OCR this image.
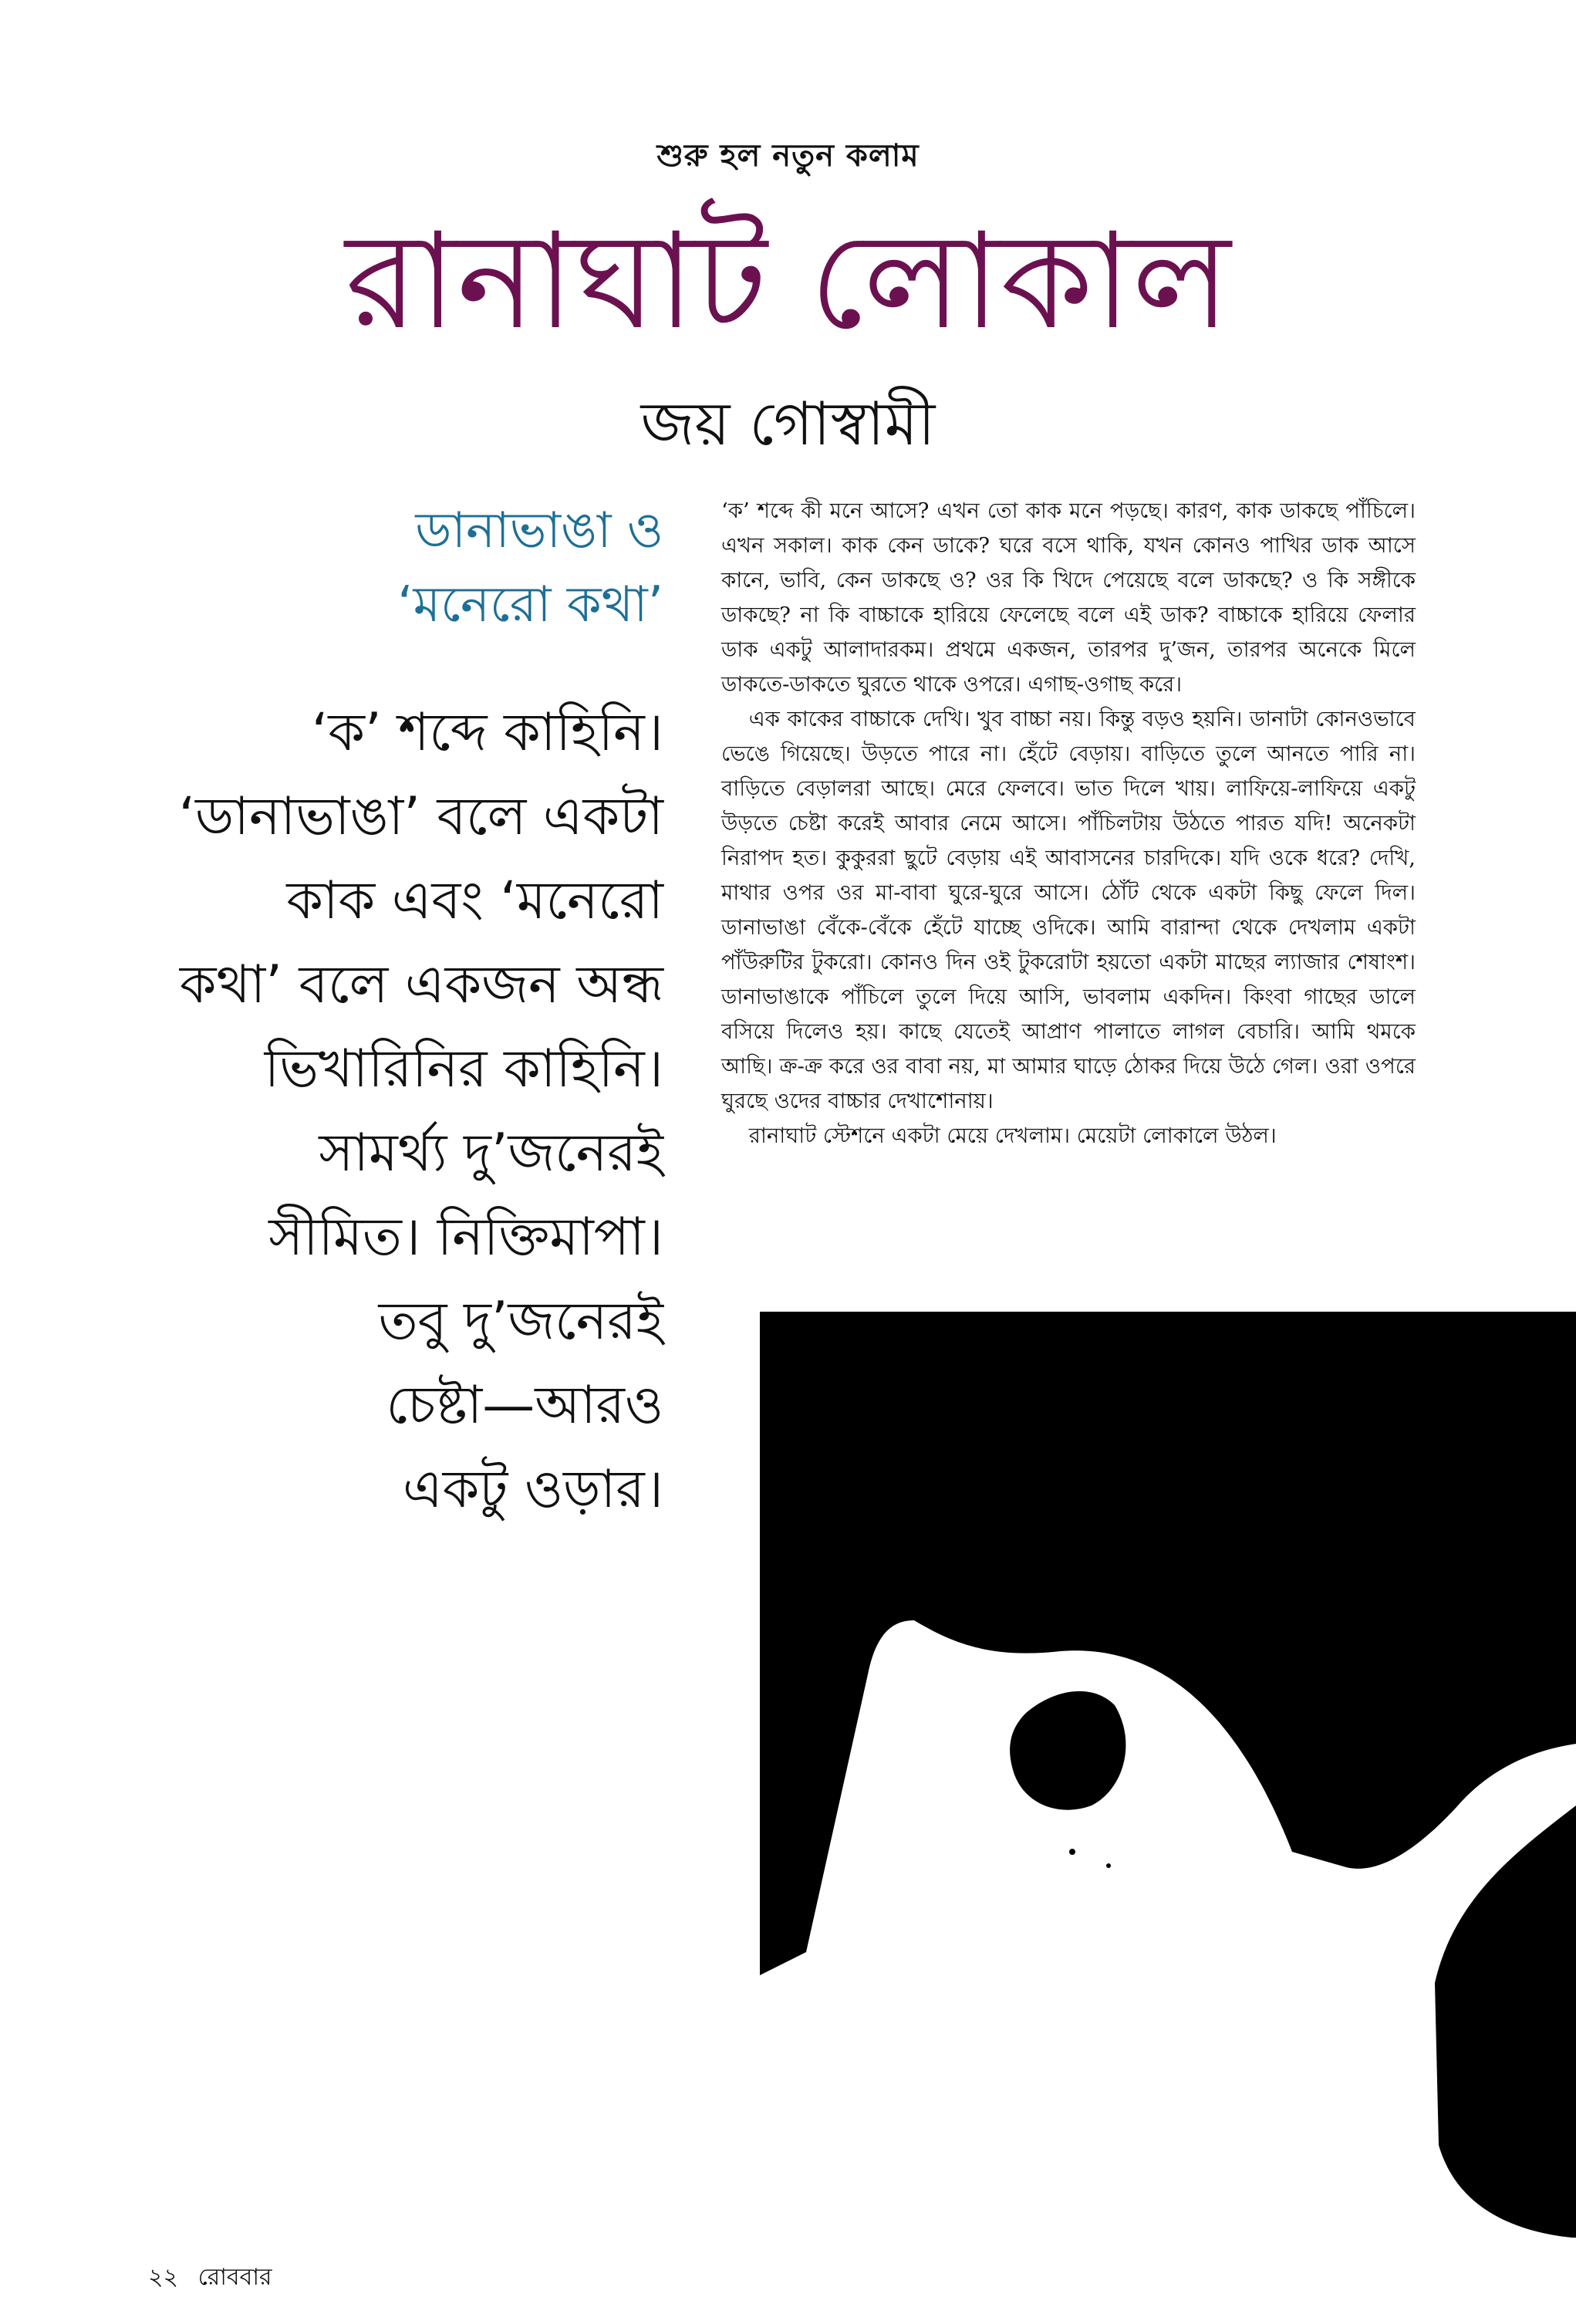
শুরু হল নতুন কলাম
রানাঘাট লোকাল
জয় গোস্বামী
ডানাভাঙা ও
‘মনেরো কথা’
‘ক’ শব্দে কাহিনি।
‘ডানাভাঙা’ বলে একটা
কাক এবং ‘মনেরো
কথা’ বলে একজন অন্ধ
ভিখারিনির কাহিনি।
সামর্থ্য দু’জনেরই
সীমিত। নিক্তিমাপা।
তবু দু’জনেরই
চেষ্টা—আরও
একটু ওড়ার।

‘ক’ শব্দে কী মনে আসে? এখন তো কাক মনে পড়ছে। কারণ, কাক ডাকছে পাঁচিলে। এখন সকাল। কাক কেন ডাকে? ঘরে বসে থাকি, যখন কোনও পাখির ডাক আসে কানে, ভাবি, কেন ডাকছে ও? ওর কি খিদে পেয়েছে বলে ডাকছে? ও কি সঙ্গীকে ডাকছে? না কি বাচ্চাকে হারিয়ে ফেলেছে বলে এই ডাক? বাচ্চাকে হারিয়ে ফেলার ডাক একটু আলাদারকম। প্রথমে একজন, তারপর দু’জন, তারপর অনেকে মিলে ডাকতে-ডাকতে ঘুরতে থাকে ওপরে। এগাছ-ওগাছ করে।

এক কাকের বাচ্চাকে দেখি। খুব বাচ্চা নয়। কিন্তু বড়ও হয়নি। ডানাটা কোনওভাবে ভেঙে গিয়েছে। উড়তে পারে না। হেঁটে বেড়ায়। বাড়িতে তুলে আনতে পারি না। বাড়িতে বেড়ালরা আছে। মেরে ফেলবে। ভাত দিলে খায়। লাফিয়ে-লাফিয়ে একটু উড়তে চেষ্টা করেই আবার নেমে আসে। পাঁচিলটায় উঠতে পারত যদি! অনেকটা নিরাপদ হত। কুকুররা ছুটে বেড়ায় এই আবাসনের চারদিকে। যদি ওকে ধরে? দেখি, মাথার ওপর ওর মা-বাবা ঘুরে-ঘুরে আসে। ঠোঁট থেকে একটা কিছু ফেলে দিল। ডানাভাঙা বেঁকে-বেঁকে হেঁটে যাচ্ছে ওদিকে। আমি বারান্দা থেকে দেখলাম একটা পাঁউরুটির টুকরো। কোনও দিন ওই টুকরোটা হয়তো একটা মাছের ল্যাজার শেষাংশ। ডানাভাঙাকে পাঁচিলে তুলে দিয়ে আসি, ভাবলাম একদিন। কিংবা গাছের ডালে বসিয়ে দিলেও হয়। কাছে যেতেই আপ্রাণ পালাতে লাগল বেচারি। আমি থমকে আছি। ক্র-ক্র করে ওর বাবা নয়, মা আমার ঘাড়ে ঠোকর দিয়ে উঠে গেল। ওরা ওপরে ঘুরছে ওদের বাচ্চার দেখাশোনায়।

রানাঘাট স্টেশনে একটা মেয়ে দেখলাম। মেয়েটা লোকালে উঠল।

২২ রোববার
